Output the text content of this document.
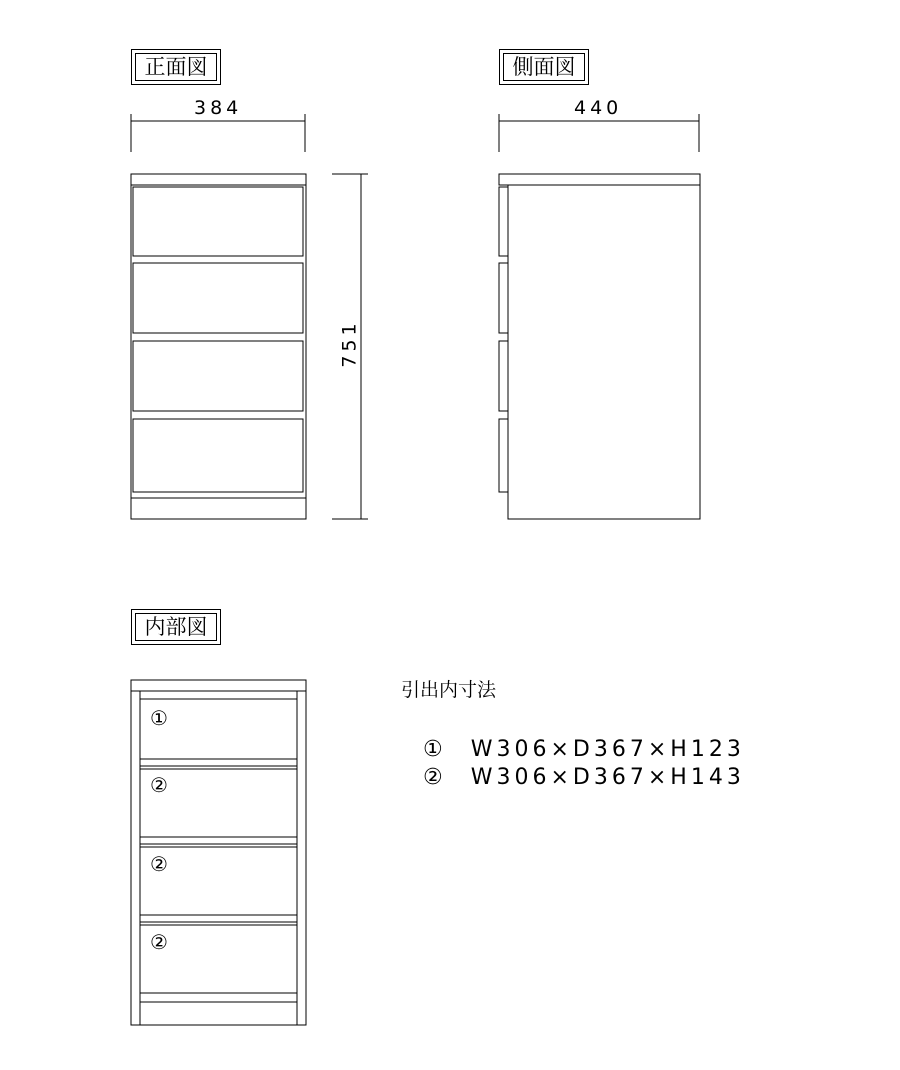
正面図	側面図
内部図
384	440
751
①
②
②
②
引出内寸法

① W306×D367×H123

② W306×D367×H143
